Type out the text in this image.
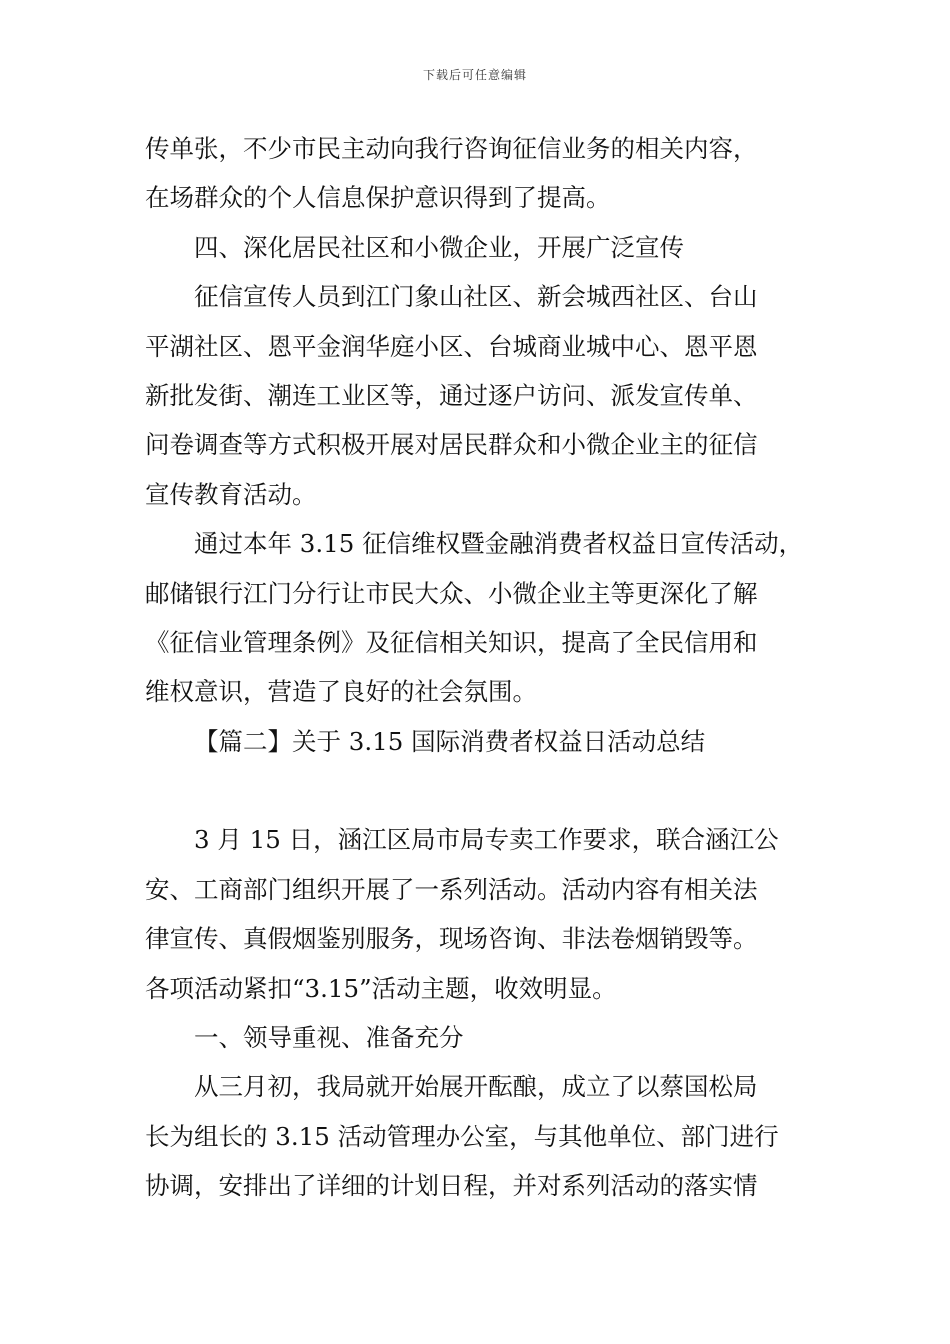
下载后可任意编辑
传单张，不少市民主动向我行咨询征信业务的相关内容，
在场群众的个人信息保护意识得到了提高。
四、深化居民社区和小微企业，开展广泛宣传
征信宣传人员到江门象山社区、新会城西社区、台山
平湖社区、恩平金润华庭小区、台城商业城中心、恩平恩
新批发街、潮连工业区等，通过逐户访问、派发宣传单、
问卷调查等方式积极开展对居民群众和小微企业主的征信
宣传教育活动。
通过本年 3.15 征信维权暨金融消费者权益日宣传活动，
邮储银行江门分行让市民大众、小微企业主等更深化了解
《征信业管理条例》及征信相关知识，提高了全民信用和
维权意识，营造了良好的社会氛围。
【篇二】关于 3.15 国际消费者权益日活动总结
3 月 15 日，涵江区局市局专卖工作要求，联合涵江公
安、工商部门组织开展了一系列活动。活动内容有相关法
律宣传、真假烟鉴别服务，现场咨询、非法卷烟销毁等。
各项活动紧扣“3.15”活动主题，收效明显。
一、领导重视、准备充分
从三月初，我局就开始展开酝酿，成立了以蔡国松局
长为组长的 3.15 活动管理办公室，与其他单位、部门进行
协调，安排出了详细的计划日程，并对系列活动的落实情
